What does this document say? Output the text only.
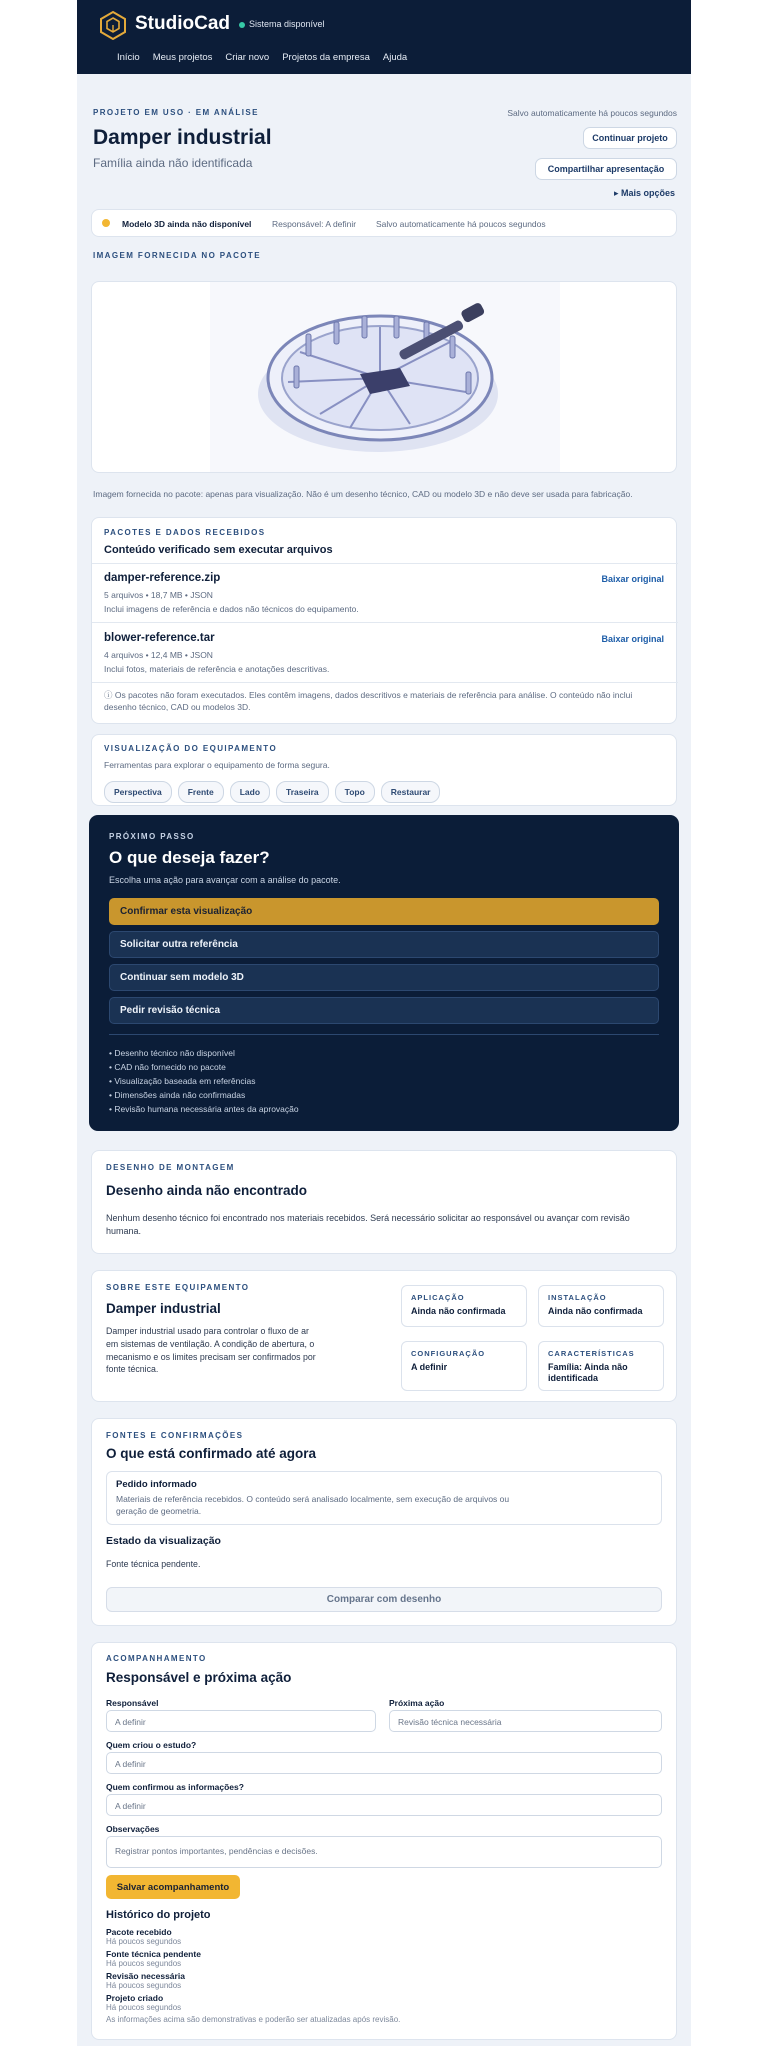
StudioCad Sistema disponível
Início Meus projetos Criar novo Projetos da empresa Ajuda
PROJETO EM USO · EM ANÁLISE	Salvo automaticamente há poucos segundos
Damper industrial
Família ainda não identificada
Continuar projeto
Compartilhar apresentação
▸ Mais opções
Modelo 3D ainda não disponível Responsável: A definir Salvo automaticamente há poucos segundos
IMAGEM FORNECIDA NO PACOTE
Imagem fornecida no pacote: apenas para visualização. Não é um desenho técnico, CAD ou modelo 3D e não deve ser usada para fabricação.
PACOTES E DADOS RECEBIDOS
Conteúdo verificado sem executar arquivos
damper-reference.zip
5 arquivos • 18,7 MB • JSON
Inclui imagens de referência e dados não técnicos do equipamento.
Baixar original
blower-reference.tar
4 arquivos • 12,4 MB • JSON
Inclui fotos, materiais de referência e anotações descritivas.
Baixar original
ⓘ Os pacotes não foram executados. Eles contêm imagens, dados descritivos e materiais de referência para análise. O conteúdo não inclui desenho técnico, CAD ou modelos 3D.
VISUALIZAÇÃO DO EQUIPAMENTO
Ferramentas para explorar o equipamento de forma segura.
Perspectiva	Frente	Lado	Traseira	Topo	Restaurar
PRÓXIMO PASSO
O que deseja fazer?
Escolha uma ação para avançar com a análise do pacote.
Confirmar esta visualização
Solicitar outra referência
Continuar sem modelo 3D
Pedir revisão técnica
• Desenho técnico não disponível
• CAD não fornecido no pacote
• Visualização baseada em referências
• Dimensões ainda não confirmadas
• Revisão humana necessária antes da aprovação
DESENHO DE MONTAGEM
Desenho ainda não encontrado
Nenhum desenho técnico foi encontrado nos materiais recebidos. Será necessário solicitar ao responsável ou avançar com revisão humana.
SOBRE ESTE EQUIPAMENTO
Damper industrial
Damper industrial usado para controlar o fluxo de ar em sistemas de ventilação. A condição de abertura, o mecanismo e os limites precisam ser confirmados por fonte técnica.
APLICAÇÃO
Ainda não confirmada
INSTALAÇÃO
Ainda não confirmada
CONFIGURAÇÃO
A definir
CARACTERÍSTICAS
Família: Ainda não identificada
FONTES E CONFIRMAÇÕES
O que está confirmado até agora
Pedido informado
Materiais de referência recebidos. O conteúdo será analisado localmente, sem execução de arquivos ou geração de geometria.
Estado da visualização
Fonte técnica pendente.
Comparar com desenho
ACOMPANHAMENTO
Responsável e próxima ação
Responsável
A definir
Próxima ação
Revisão técnica necessária
Quem criou o estudo?
A definir
Quem confirmou as informações?
A definir
Observações
Registrar pontos importantes, pendências e decisões.
Salvar acompanhamento
Histórico do projeto
Pacote recebido
Há poucos segundos
Fonte técnica pendente
Há poucos segundos
Revisão necessária
Há poucos segundos
Projeto criado
Há poucos segundos
As informações acima são demonstrativas e poderão ser atualizadas após revisão.
